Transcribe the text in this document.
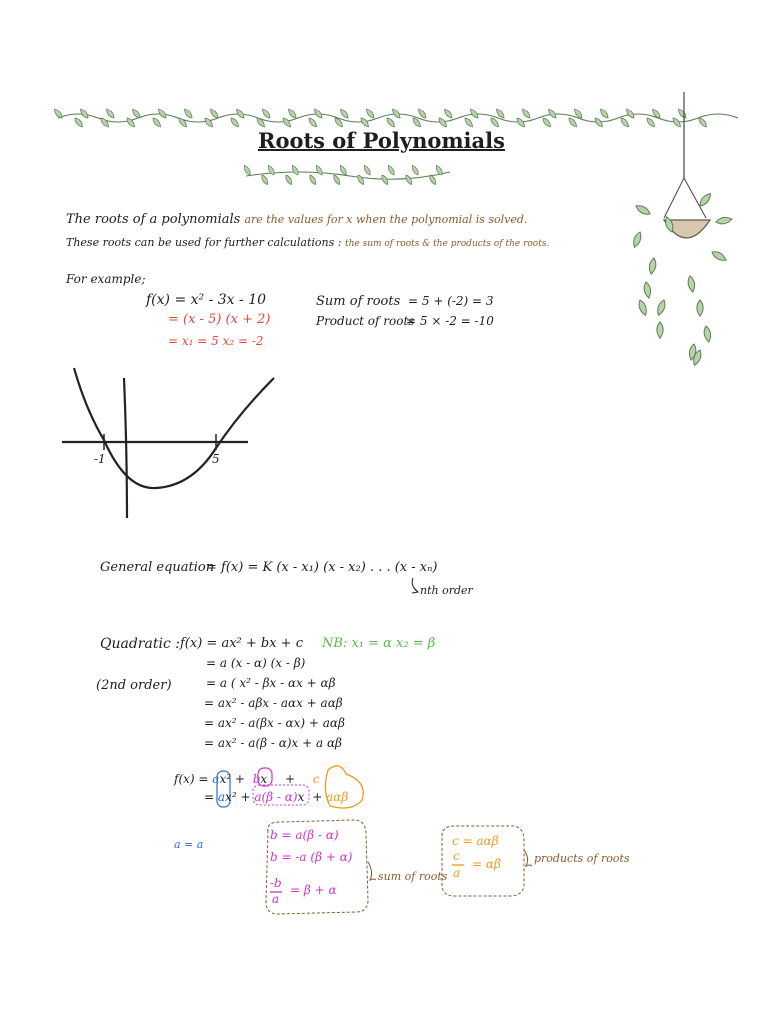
Roots of Polynomials
The roots of a polynomials are the values for x when the polynomial is solved.
These roots can be used for further calculations : the sum of roots & the products of the roots.
For example;
f(x) = x² - 3x - 10
= (x - 5) (x + 2)
= x₁ = 5 x₂ = -2
Sum of roots = 5 + (-2) = 3
Product of roots
= 5 × -2 = -10
-1	5
General equation
= f(x) = K (x - x₁) (x - x₂) . . . (x - xₙ)
nth order
Quadratic :
(2nd order)
NB: x₁ = α x₂ = β
f(x) = ax² + bx + c
= a (x - α) (x - β)
= a ( x² - βx - αx + αβ
= ax² - aβx - aαx + aαβ
= ax² - a(βx - αx) + aαβ
= ax² - a(β - α)x + a αβ
f(x) = ax² + bx + c
= ax² + a(β - α)x + aαβ
a = a
b = a(β - α)
b = -a (β + α)
-b
a
= β + α
sum of roots
c = aαβ
c
a
= αβ	products of roots
